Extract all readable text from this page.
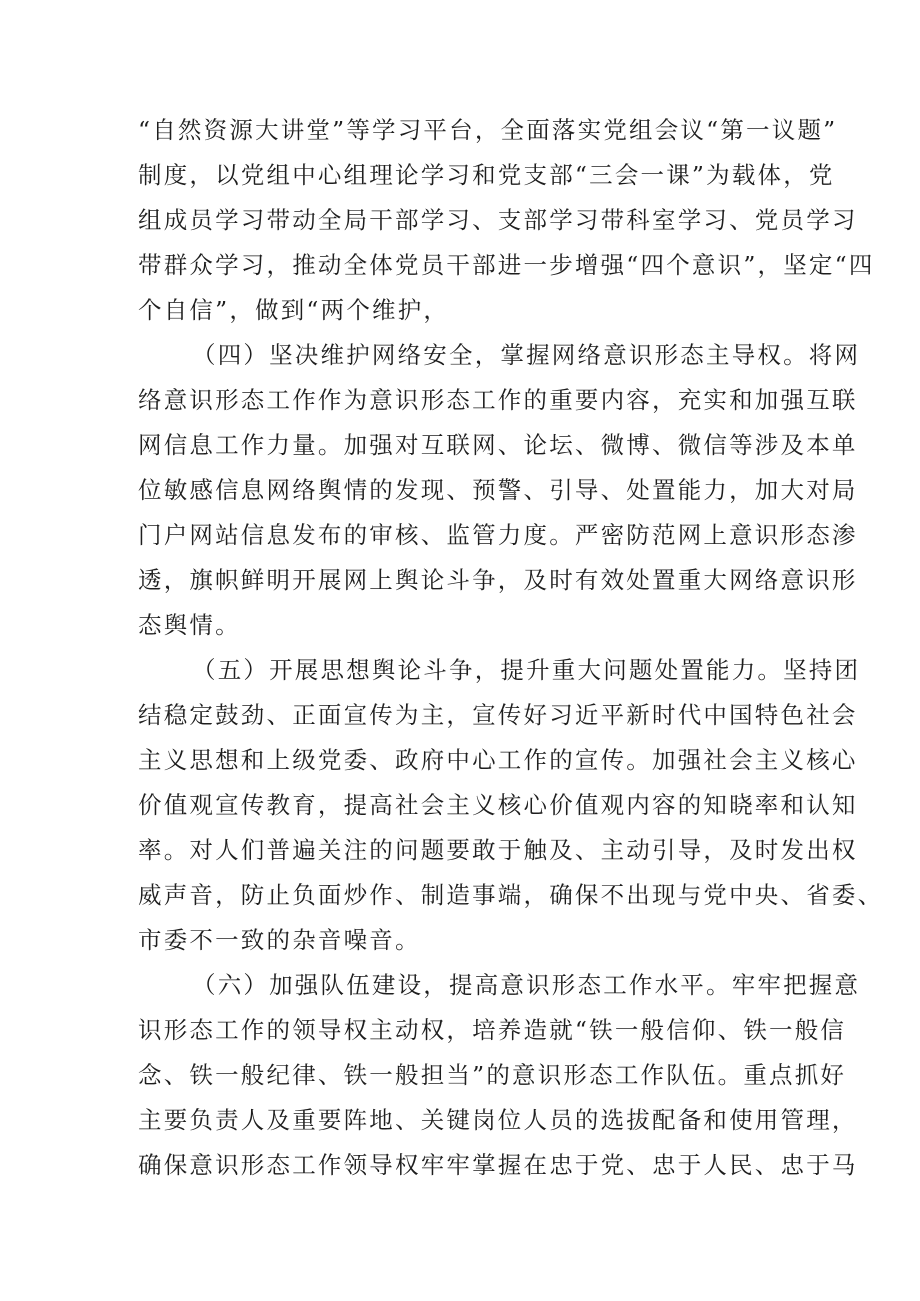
“自然资源大讲堂”等学习平台，全面落实党组会议“第一议题”
制度，以党组中心组理论学习和党支部“三会一课”为载体，党
组成员学习带动全局干部学习、支部学习带科室学习、党员学习
带群众学习，推动全体党员干部进一步增强“四个意识”，坚定“四
个自信”，做到“两个维护，
（四）坚决维护网络安全，掌握网络意识形态主导权。将网
络意识形态工作作为意识形态工作的重要内容，充实和加强互联
网信息工作力量。加强对互联网、论坛、微博、微信等涉及本单
位敏感信息网络舆情的发现、预警、引导、处置能力，加大对局
门户网站信息发布的审核、监管力度。严密防范网上意识形态渗
透，旗帜鲜明开展网上舆论斗争，及时有效处置重大网络意识形
态舆情。
（五）开展思想舆论斗争，提升重大问题处置能力。坚持团
结稳定鼓劲、正面宣传为主，宣传好习近平新时代中国特色社会
主义思想和上级党委、政府中心工作的宣传。加强社会主义核心
价值观宣传教育，提高社会主义核心价值观内容的知晓率和认知
率。对人们普遍关注的问题要敢于触及、主动引导，及时发出权
威声音，防止负面炒作、制造事端，确保不出现与党中央、省委、
市委不一致的杂音噪音。
（六）加强队伍建设，提高意识形态工作水平。牢牢把握意
识形态工作的领导权主动权，培养造就“铁一般信仰、铁一般信
念、铁一般纪律、铁一般担当”的意识形态工作队伍。重点抓好
主要负责人及重要阵地、关键岗位人员的选拔配备和使用管理，
确保意识形态工作领导权牢牢掌握在忠于党、忠于人民、忠于马
